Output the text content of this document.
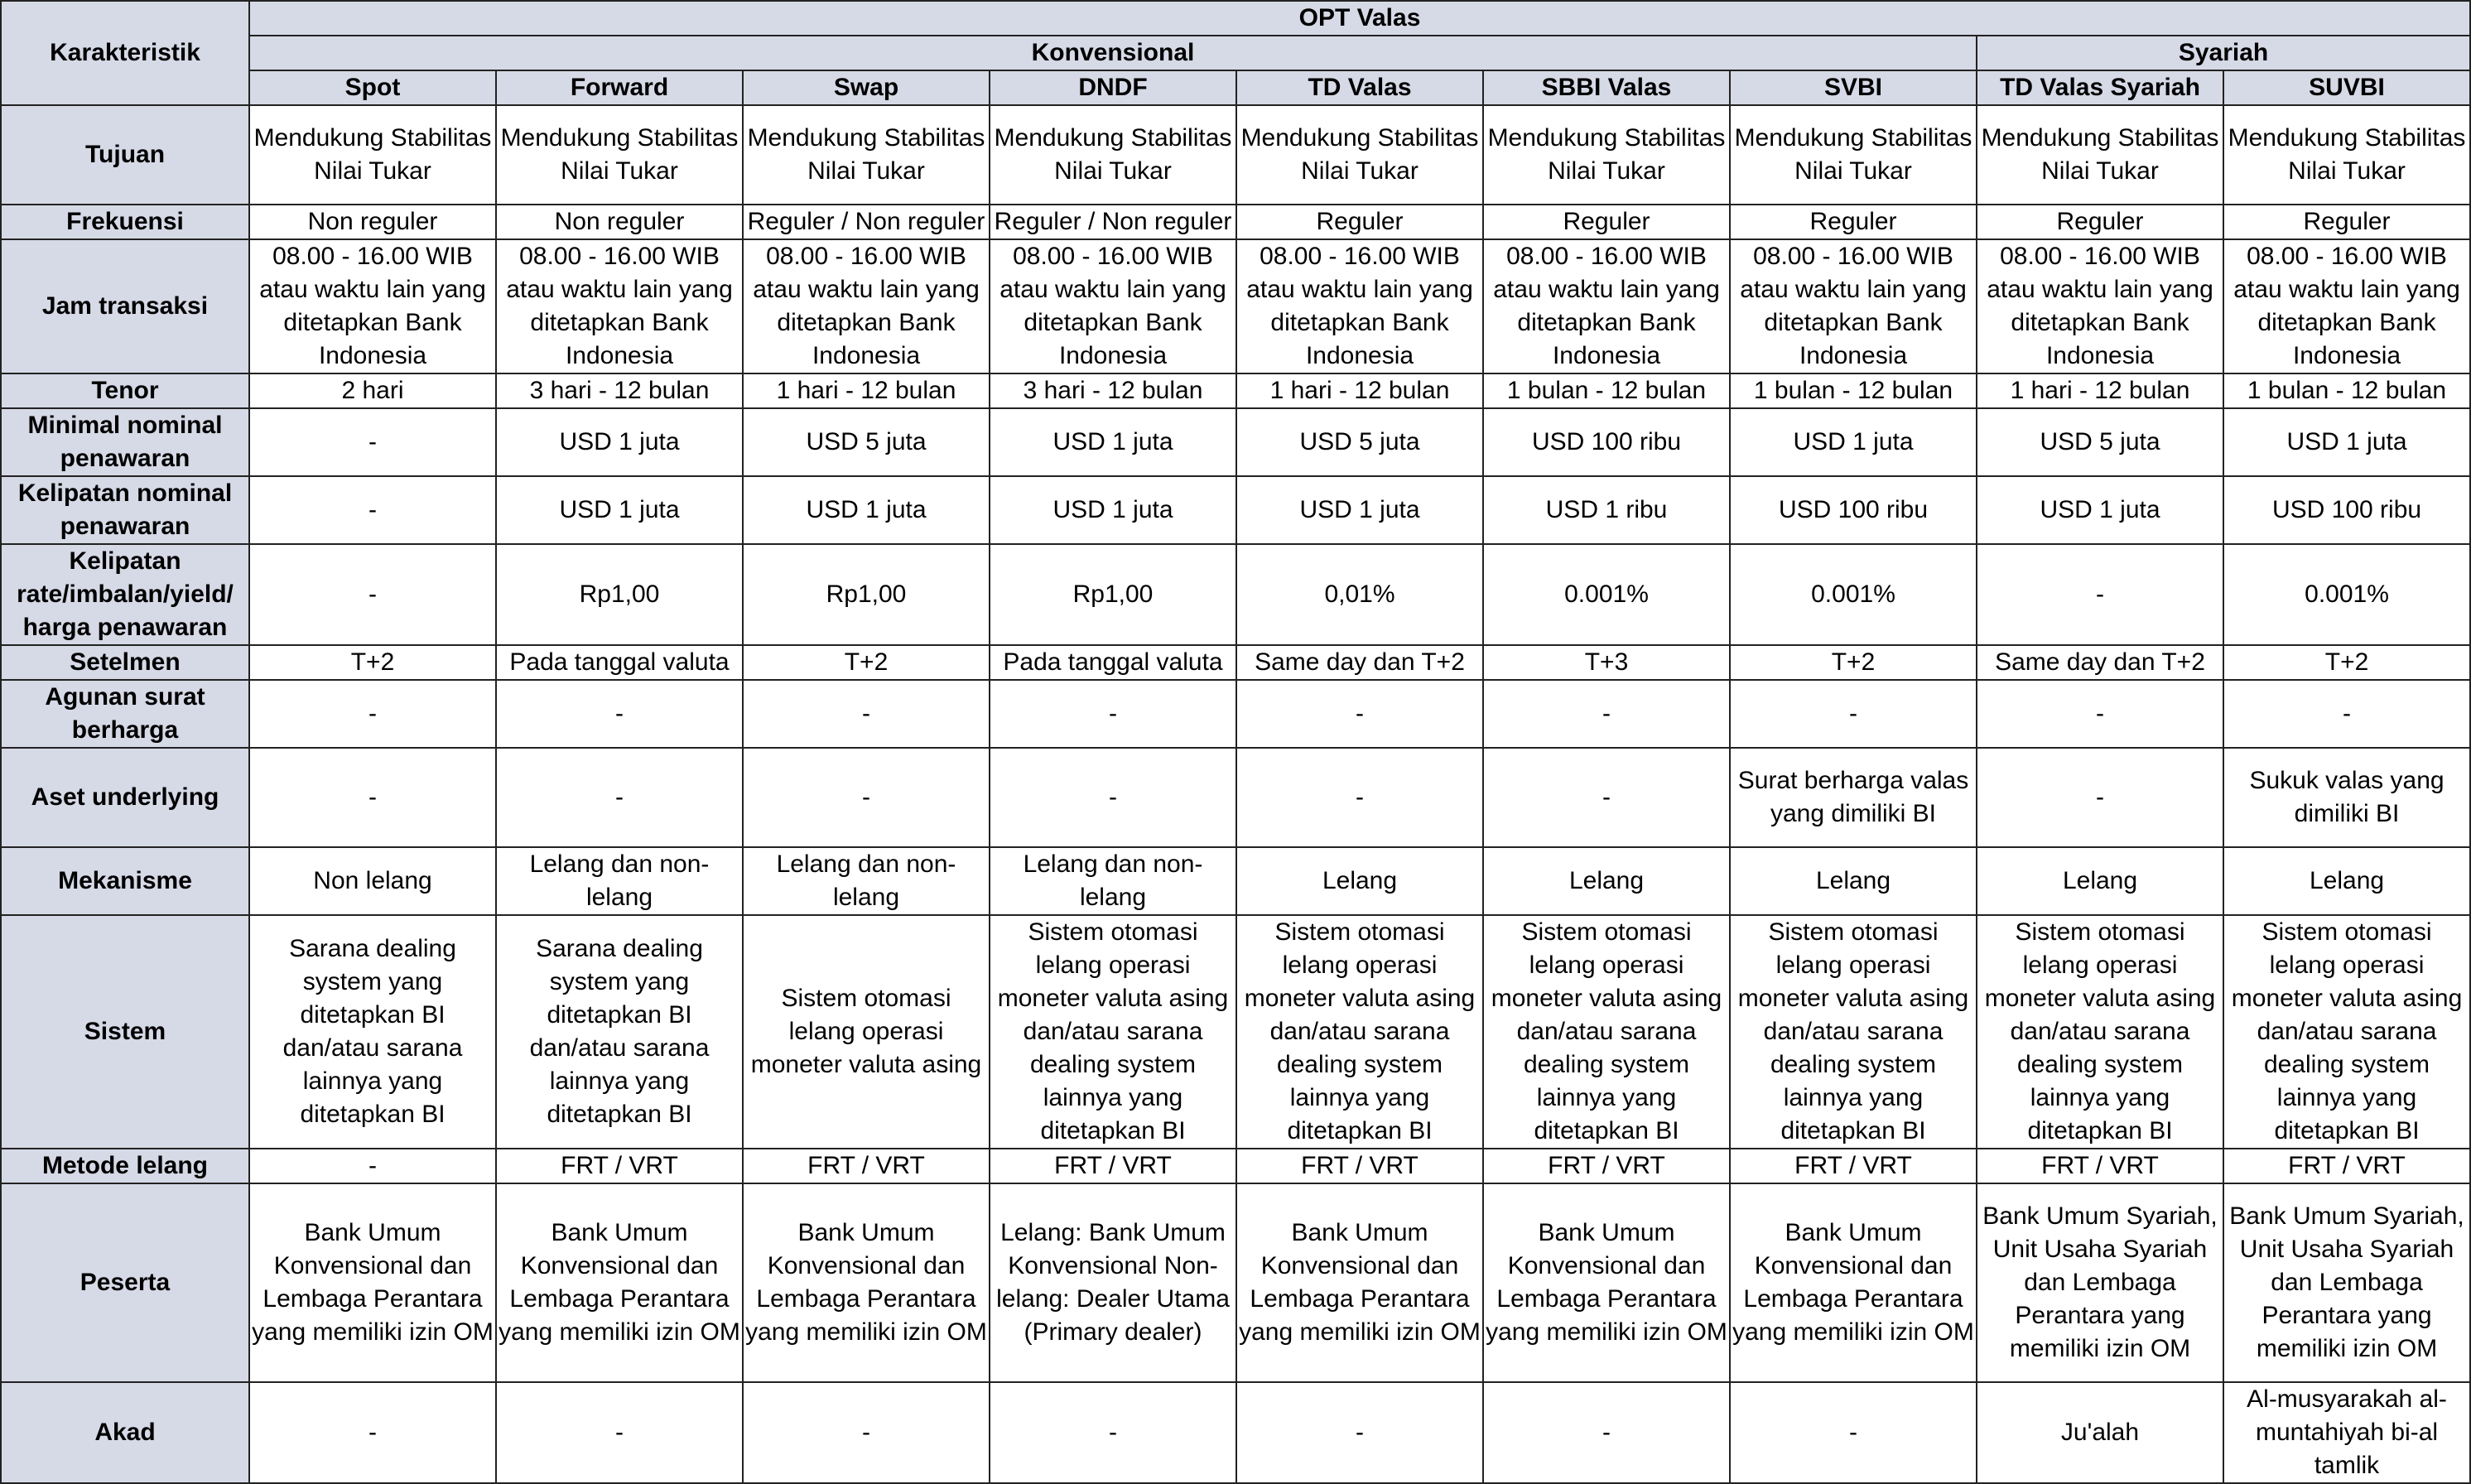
Karakteristik	OPT Valas								
	Konvensional							Syariah	
	Spot	Forward	Swap	DNDF	TD Valas	SBBI Valas	SVBI	TD Valas Syariah	SUVBI
Tujuan	Mendukung Stabilitas Nilai Tukar	Mendukung Stabilitas Nilai Tukar	Mendukung Stabilitas Nilai Tukar	Mendukung Stabilitas Nilai Tukar	Mendukung Stabilitas Nilai Tukar	Mendukung Stabilitas Nilai Tukar	Mendukung Stabilitas Nilai Tukar	Mendukung Stabilitas Nilai Tukar	Mendukung Stabilitas Nilai Tukar
Frekuensi	Non reguler	Non reguler	Reguler / Non reguler	Reguler / Non reguler	Reguler	Reguler	Reguler	Reguler	Reguler
Jam transaksi	08.00 - 16.00 WIB atau waktu lain yang ditetapkan Bank Indonesia	08.00 - 16.00 WIB atau waktu lain yang ditetapkan Bank Indonesia	08.00 - 16.00 WIB atau waktu lain yang ditetapkan Bank Indonesia	08.00 - 16.00 WIB atau waktu lain yang ditetapkan Bank Indonesia	08.00 - 16.00 WIB atau waktu lain yang ditetapkan Bank Indonesia	08.00 - 16.00 WIB atau waktu lain yang ditetapkan Bank Indonesia	08.00 - 16.00 WIB atau waktu lain yang ditetapkan Bank Indonesia	08.00 - 16.00 WIB atau waktu lain yang ditetapkan Bank Indonesia	08.00 - 16.00 WIB atau waktu lain yang ditetapkan Bank Indonesia
Tenor	2 hari	3 hari - 12 bulan	1 hari - 12 bulan	3 hari - 12 bulan	1 hari - 12 bulan	1 bulan - 12 bulan	1 bulan - 12 bulan	1 hari - 12 bulan	1 bulan - 12 bulan
Minimal nominal penawaran	-	USD 1 juta	USD 5 juta	USD 1 juta	USD 5 juta	USD 100 ribu	USD 1 juta	USD 5 juta	USD 1 juta
Kelipatan nominal penawaran	-	USD 1 juta	USD 1 juta	USD 1 juta	USD 1 juta	USD 1 ribu	USD 100 ribu	USD 1 juta	USD 100 ribu
Kelipatan rate/imbalan/yield/ harga penawaran	-	Rp1,00	Rp1,00	Rp1,00	0,01%	0.001%	0.001%	-	0.001%
Setelmen	T+2	Pada tanggal valuta	T+2	Pada tanggal valuta	Same day dan T+2	T+3	T+2	Same day dan T+2	T+2
Agunan surat berharga	-	-	-	-	-	-	-	-	-
Aset underlying	-	-	-	-	-	-	Surat berharga valas yang dimiliki BI	-	Sukuk valas yang dimiliki BI
Mekanisme	Non lelang	Lelang dan non-lelang	Lelang dan non-lelang	Lelang dan non-lelang	Lelang	Lelang	Lelang	Lelang	Lelang
Sistem	Sarana dealing system yang ditetapkan BI dan/atau sarana lainnya yang ditetapkan BI	Sarana dealing system yang ditetapkan BI dan/atau sarana lainnya yang ditetapkan BI	Sistem otomasi lelang operasi moneter valuta asing	Sistem otomasi lelang operasi moneter valuta asing dan/atau sarana dealing system lainnya yang ditetapkan BI	Sistem otomasi lelang operasi moneter valuta asing dan/atau sarana dealing system lainnya yang ditetapkan BI	Sistem otomasi lelang operasi moneter valuta asing dan/atau sarana dealing system lainnya yang ditetapkan BI	Sistem otomasi lelang operasi moneter valuta asing dan/atau sarana dealing system lainnya yang ditetapkan BI	Sistem otomasi lelang operasi moneter valuta asing dan/atau sarana dealing system lainnya yang ditetapkan BI	Sistem otomasi lelang operasi moneter valuta asing dan/atau sarana dealing system lainnya yang ditetapkan BI
Metode lelang	-	FRT / VRT	FRT / VRT	FRT / VRT	FRT / VRT	FRT / VRT	FRT / VRT	FRT / VRT	FRT / VRT
Peserta	Bank Umum Konvensional dan Lembaga Perantara yang memiliki izin OM	Bank Umum Konvensional dan Lembaga Perantara yang memiliki izin OM	Bank Umum Konvensional dan Lembaga Perantara yang memiliki izin OM	Lelang: Bank Umum Konvensional Non-lelang: Dealer Utama (Primary dealer)	Bank Umum Konvensional dan Lembaga Perantara yang memiliki izin OM	Bank Umum Konvensional dan Lembaga Perantara yang memiliki izin OM	Bank Umum Konvensional dan Lembaga Perantara yang memiliki izin OM	Bank Umum Syariah, Unit Usaha Syariah dan Lembaga Perantara yang memiliki izin OM	Bank Umum Syariah, Unit Usaha Syariah dan Lembaga Perantara yang memiliki izin OM
Akad	-	-	-	-	-	-	-	Ju'alah	Al-musyarakah al-muntahiyah bi-al tamlik
